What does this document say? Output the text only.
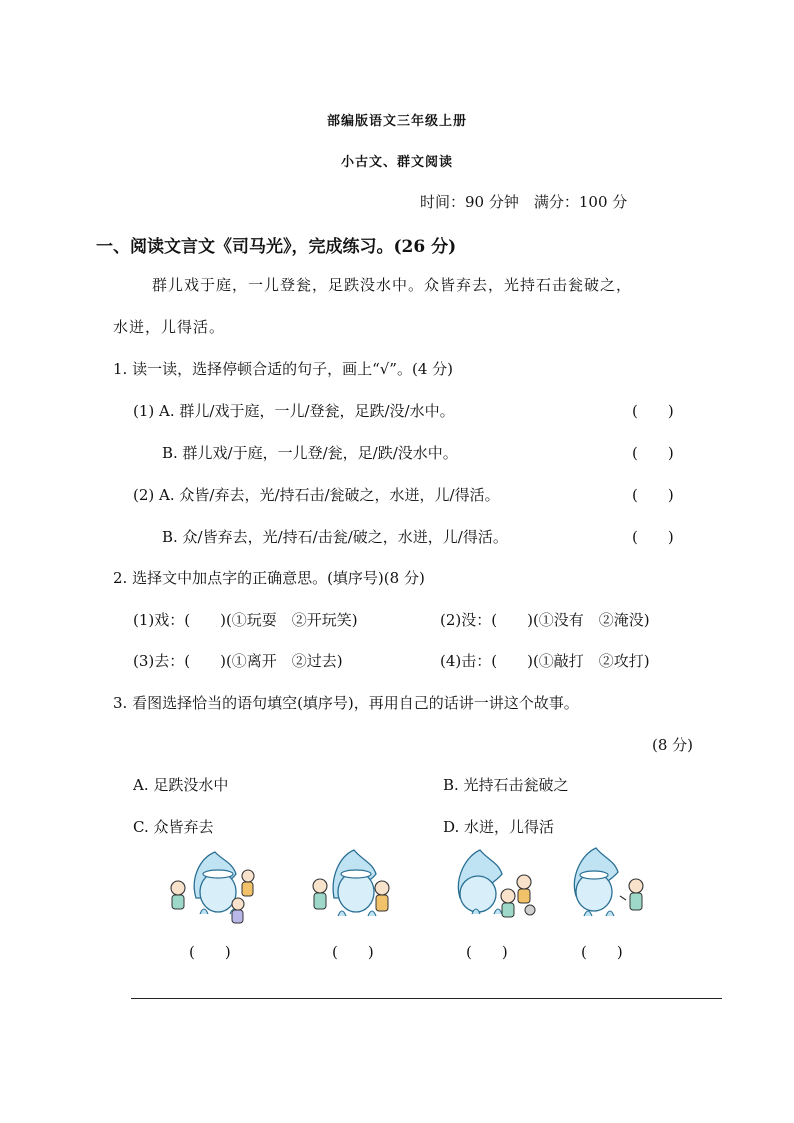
部编版语文三年级上册
小古文、群文阅读
时间：90 分钟　满分：100 分
一、阅读文言文《司马光》，完成练习。(26 分)
群儿戏于庭，一儿登瓮，足跌没水中。众皆弃去，光持石击瓮破之，
水迸，儿得活。
1. 读一读，选择停顿合适的句子，画上“√”。(4 分)
(1) A. 群儿/戏于庭，一儿/登瓮，足跌/没/水中。	(　　)
B. 群儿戏/于庭，一儿登/瓮，足/跌/没水中。	(　　)
(2) A. 众皆/弃去，光/持石击/瓮破之，水迸，儿/得活。	(　　)
B. 众/皆弃去，光/持石/击瓮/破之，水迸，儿/得活。	(　　)
2. 选择文中加点字的正确意思。(填序号)(8 分)
(1)戏：(　　)(①玩耍　②开玩笑)	(2)没：(　　)(①没有　②淹没)
(3)去：(　　)(①离开　②过去)	(4)击：(　　)(①敲打　②攻打)
3. 看图选择恰当的语句填空(填序号)，再用自己的话讲一讲这个故事。
(8 分)
A. 足跌没水中	B. 光持石击瓮破之
C. 众皆弃去	D. 水迸，儿得活
(　　)	(　　)	(　　)	(　　)
